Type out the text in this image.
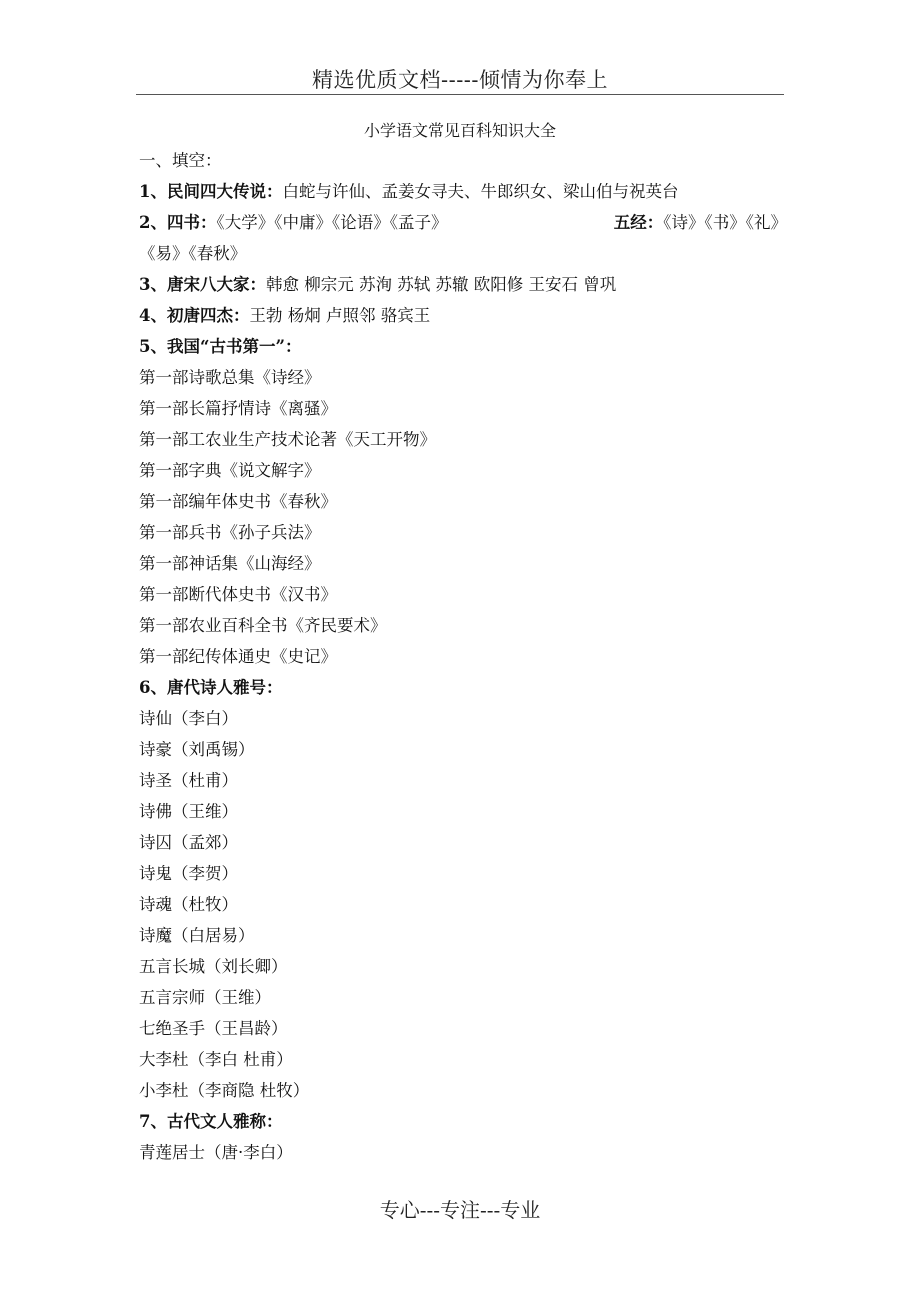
精选优质文档-----倾情为你奉上
小学语文常见百科知识大全
一、填空：
1、民间四大传说：白蛇与许仙、孟姜女寻夫、牛郎织女、梁山伯与祝英台
2、四书：《大学》《中庸》《论语》《孟子》	五经：《诗》《书》《礼》
《易》《春秋》
3、唐宋八大家：韩愈 柳宗元 苏洵 苏轼 苏辙 欧阳修 王安石 曾巩
4、初唐四杰：王勃 杨炯 卢照邻 骆宾王
5、我国“古书第一”：
第一部诗歌总集《诗经》
第一部长篇抒情诗《离骚》
第一部工农业生产技术论著《天工开物》
第一部字典《说文解字》
第一部编年体史书《春秋》
第一部兵书《孙子兵法》
第一部神话集《山海经》
第一部断代体史书《汉书》
第一部农业百科全书《齐民要术》
第一部纪传体通史《史记》
6、唐代诗人雅号：
诗仙（李白）
诗豪（刘禹锡）
诗圣（杜甫）
诗佛（王维）
诗囚（孟郊）
诗鬼（李贺）
诗魂（杜牧）
诗魔（白居易）
五言长城（刘长卿）
五言宗师（王维）
七绝圣手（王昌龄）
大李杜（李白 杜甫）
小李杜（李商隐 杜牧）
7、古代文人雅称：
青莲居士（唐·李白）
专心---专注---专业
